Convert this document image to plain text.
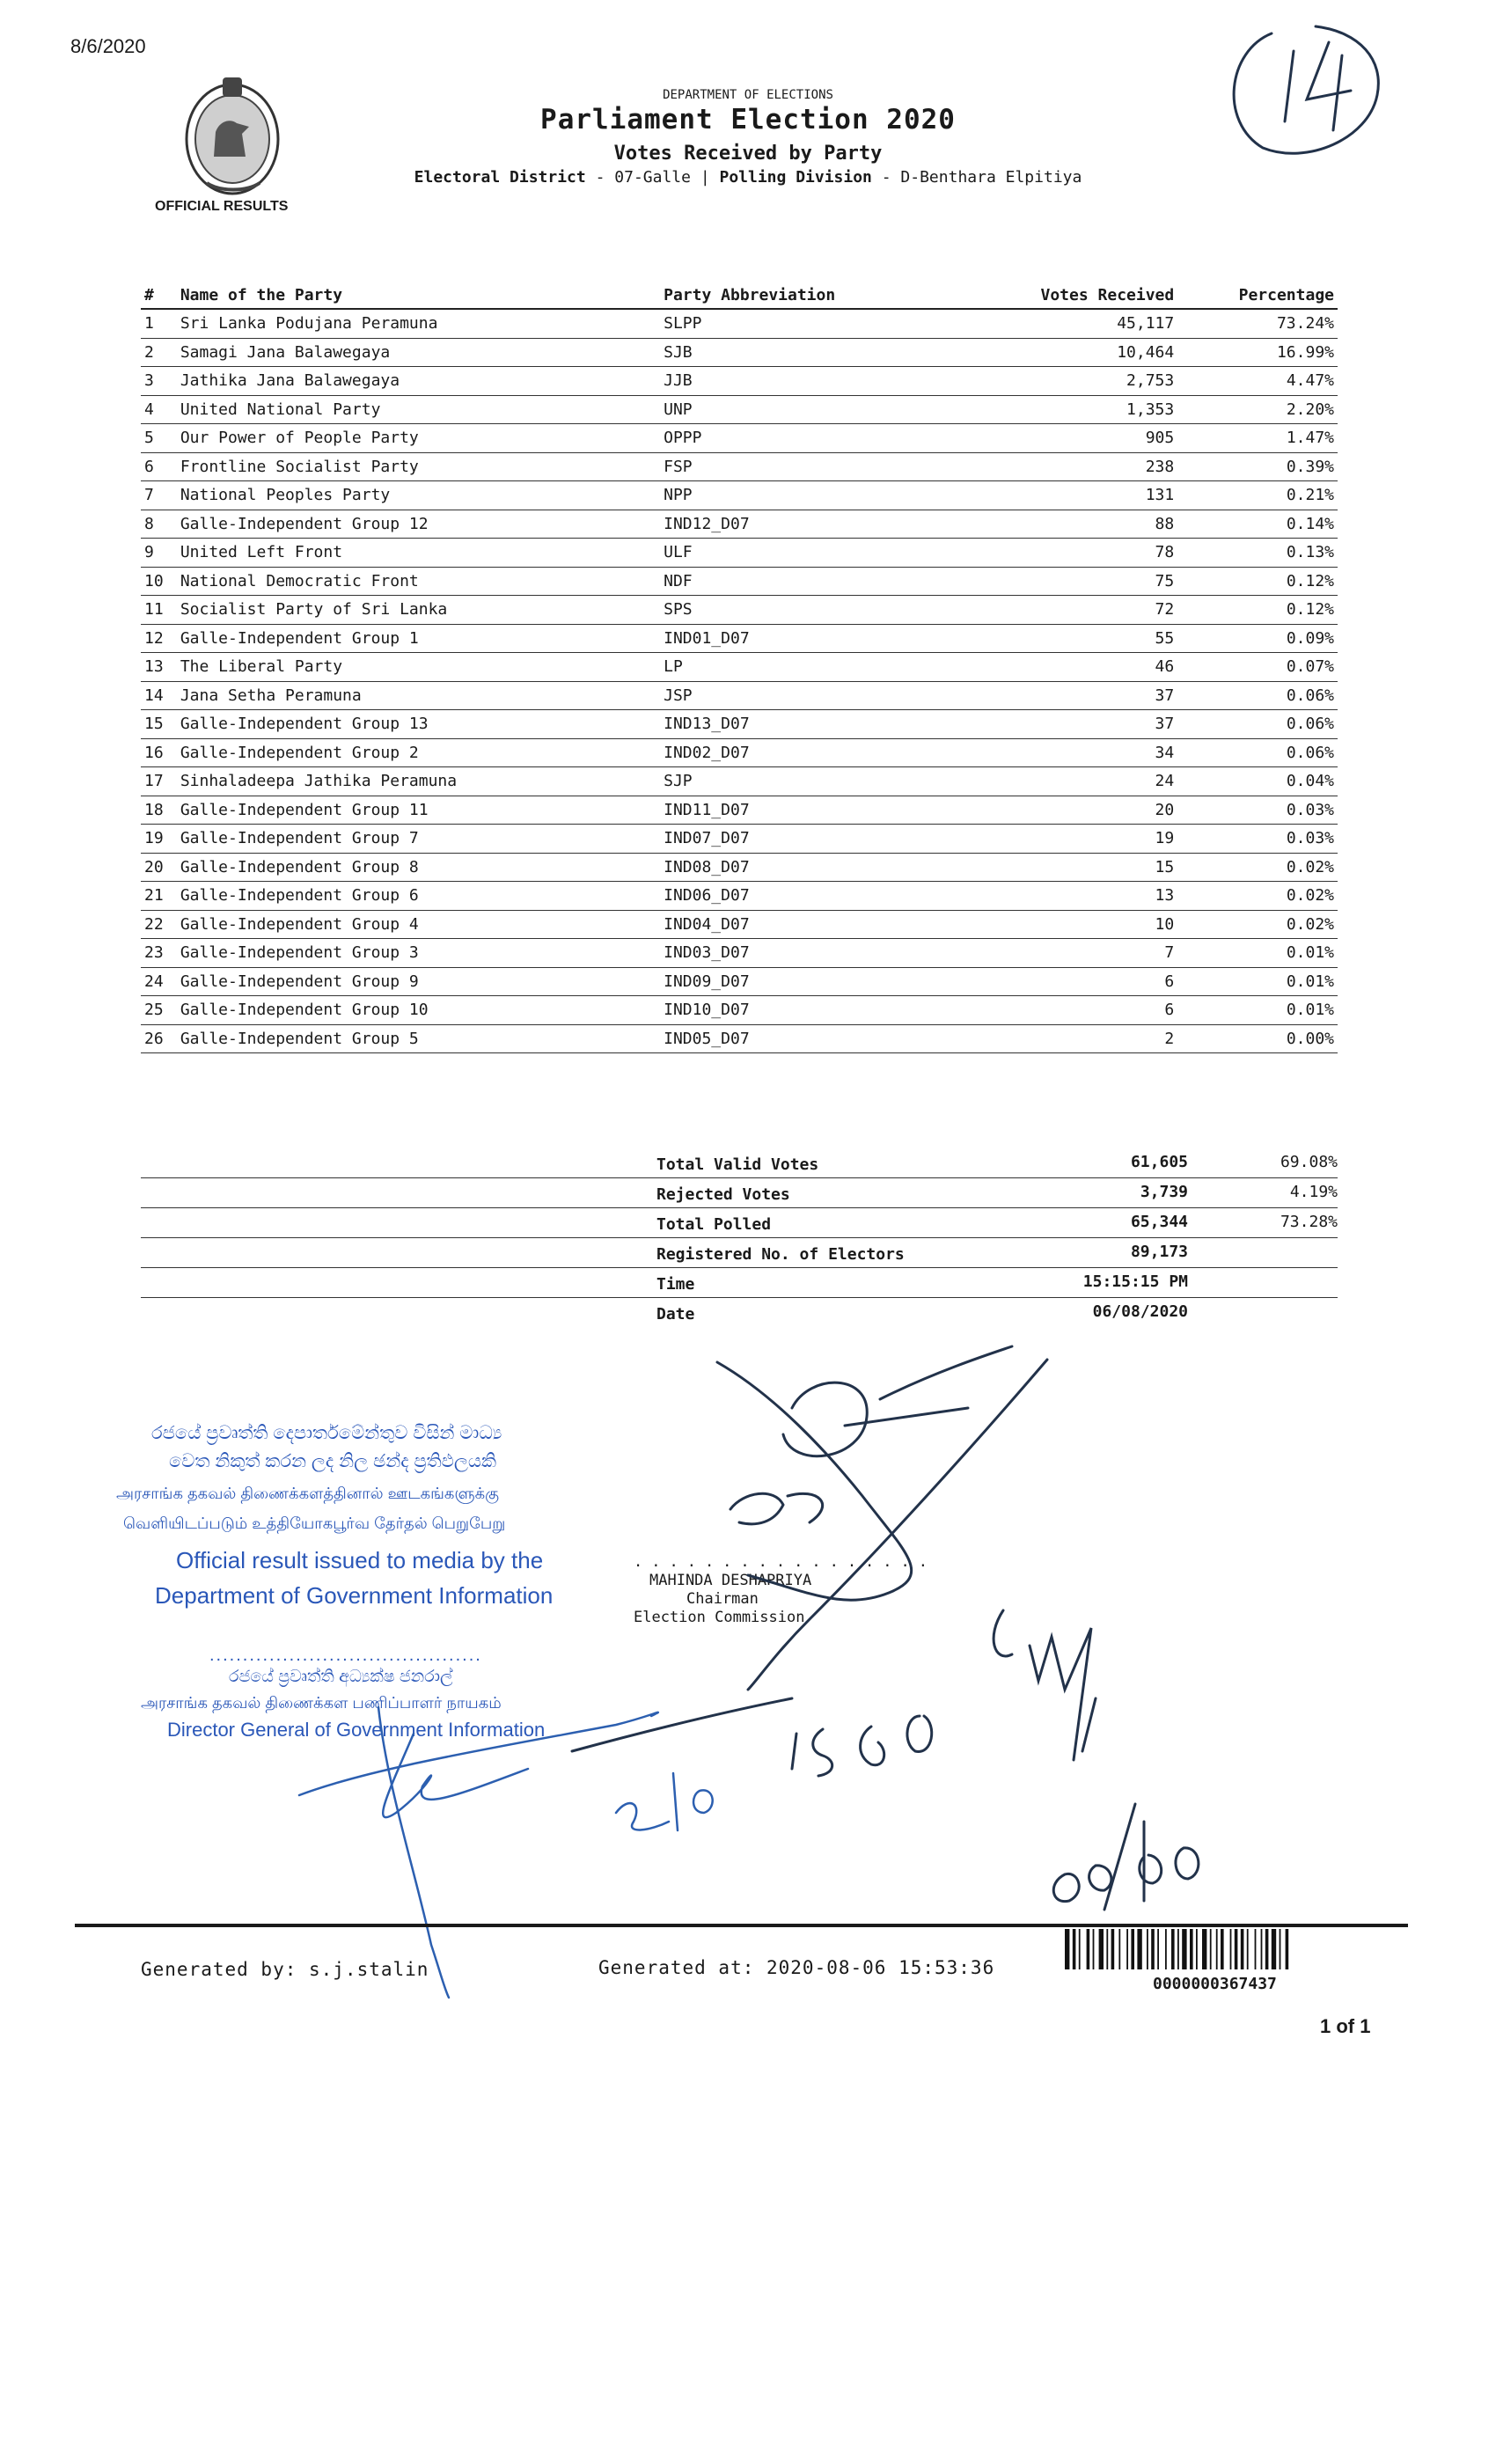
8/6/2020
OFFICIAL RESULTS
DEPARTMENT OF ELECTIONS
Parliament Election 2020
Votes Received by Party
Electoral District - 07-Galle | Polling Division - D-Benthara Elpitiya
#	Name of the Party	Party Abbreviation	Votes Received	Percentage
1	Sri Lanka Podujana Peramuna	SLPP	45,117	73.24%
2	Samagi Jana Balawegaya	SJB	10,464	16.99%
3	Jathika Jana Balawegaya	JJB	2,753	4.47%
4	United National Party	UNP	1,353	2.20%
5	Our Power of People Party	OPPP	905	1.47%
6	Frontline Socialist Party	FSP	238	0.39%
7	National Peoples Party	NPP	131	0.21%
8	Galle-Independent Group 12	IND12_D07	88	0.14%
9	United Left Front	ULF	78	0.13%
10	National Democratic Front	NDF	75	0.12%
11	Socialist Party of Sri Lanka	SPS	72	0.12%
12	Galle-Independent Group 1	IND01_D07	55	0.09%
13	The Liberal Party	LP	46	0.07%
14	Jana Setha Peramuna	JSP	37	0.06%
15	Galle-Independent Group 13	IND13_D07	37	0.06%
16	Galle-Independent Group 2	IND02_D07	34	0.06%
17	Sinhaladeepa Jathika Peramuna	SJP	24	0.04%
18	Galle-Independent Group 11	IND11_D07	20	0.03%
19	Galle-Independent Group 7	IND07_D07	19	0.03%
20	Galle-Independent Group 8	IND08_D07	15	0.02%
21	Galle-Independent Group 6	IND06_D07	13	0.02%
22	Galle-Independent Group 4	IND04_D07	10	0.02%
23	Galle-Independent Group 3	IND03_D07	7	0.01%
24	Galle-Independent Group 9	IND09_D07	6	0.01%
25	Galle-Independent Group 10	IND10_D07	6	0.01%
26	Galle-Independent Group 5	IND05_D07	2	0.00%
Total Valid Votes	61,605	69.08%
Rejected Votes	3,739	4.19%
Total Polled	65,344	73.28%
Registered No. of Electors	89,173
Time	15:15:15 PM
Date	06/08/2020
රජයේ ප්‍රවෘත්ති දෙපාර්තමේන්තුව විසින් මාධ්‍ය
වෙත නිකුත් කරන ලද නිල ඡන්ද ප්‍රතිඵලයකි
அரசாங்க தகவல் திணைக்களத்தினால் ஊடகங்களுக்கு
வெளியிடப்படும் உத்தியோகபூர்வ தேர்தல் பெறுபேறு
Official result issued to media by the
Department of Government Information
.........................................
රජයේ ප්‍රවෘත්ති අධ්‍යක්ෂ ජනරාල්
அரசாங்க தகவல் திணைக்கள பணிப்பாளர் நாயகம்
Director General of Government Information
.................
MAHINDA DESHAPRIYA
Chairman
Election Commission
Generated by: s.j.stalin	Generated at: 2020-08-06 15:53:36
0000000367437
1 of 1
